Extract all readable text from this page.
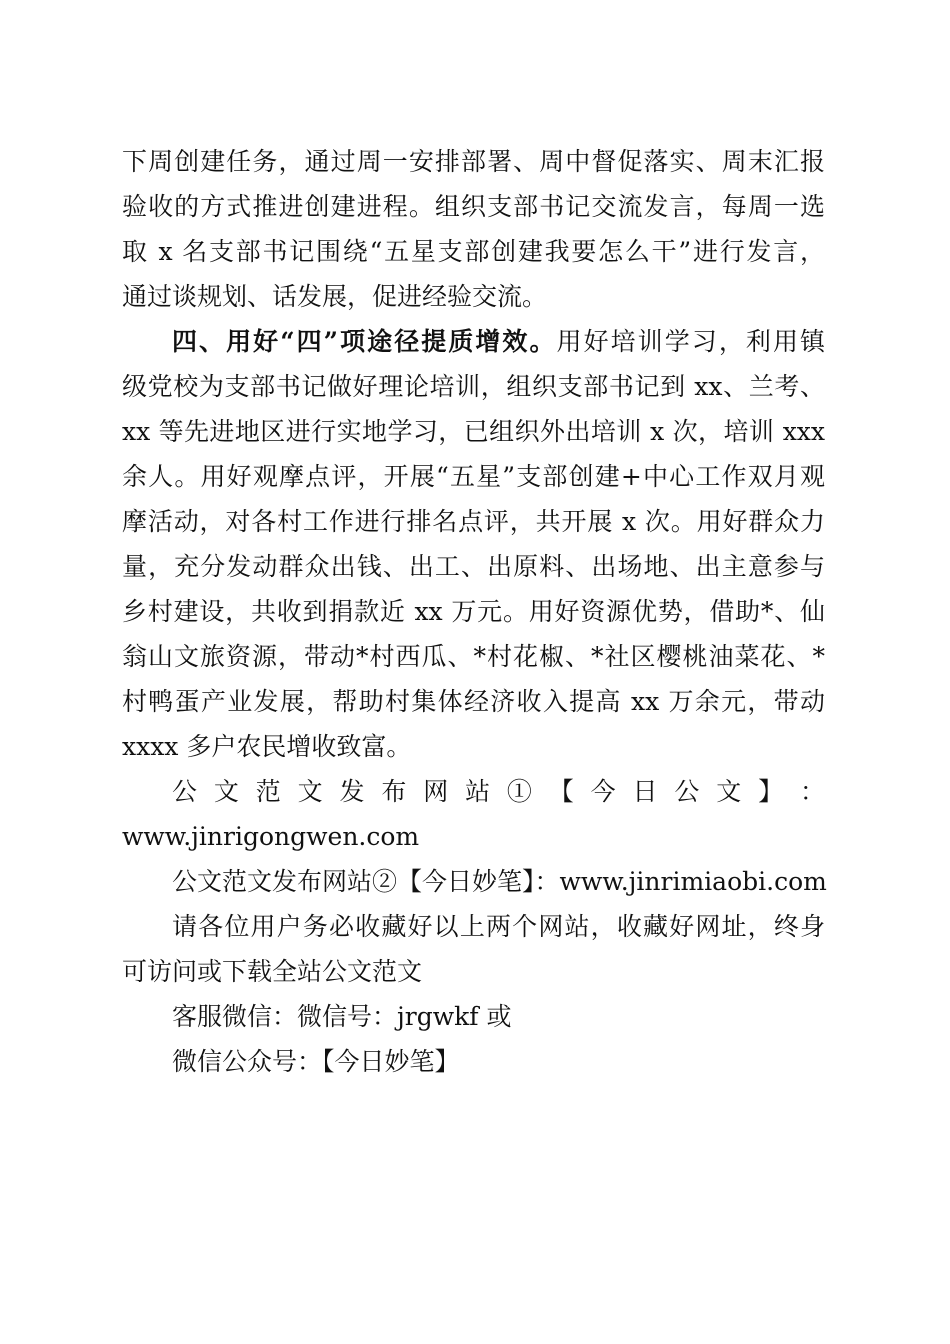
下周创建任务，通过周一安排部署、周中督促落实、周末汇报
验收的方式推进创建进程。组织支部书记交流发言，每周一选
取 x 名支部书记围绕“五星支部创建我要怎么干”进行发言，
通过谈规划、话发展，促进经验交流。
四、用好“四”项途径提质增效。用好培训学习，利用镇
级党校为支部书记做好理论培训，组织支部书记到 xx、兰考、
xx 等先进地区进行实地学习，已组织外出培训 x 次，培训 xxx
余人。用好观摩点评，开展“五星”支部创建+中心工作双月观
摩活动，对各村工作进行排名点评，共开展 x 次。用好群众力
量，充分发动群众出钱、出工、出原料、出场地、出主意参与
乡村建设，共收到捐款近 xx 万元。用好资源优势，借助*、仙
翁山文旅资源，带动*村西瓜、*村花椒、*社区樱桃油菜花、*
村鸭蛋产业发展，帮助村集体经济收入提高 xx 万余元，带动
xxxx 多户农民增收致富。
公 文 范 文 发 布 网 站 ① 【 今 日 公 文 】 ：
www.jinrigongwen.com
公文范文发布网站②【今日妙笔】：www.jinrimiaobi.com
请各位用户务必收藏好以上两个网站，收藏好网址，终身
可访问或下载全站公文范文
客服微信：微信号：jrgwkf 或
微信公众号：【今日妙笔】
